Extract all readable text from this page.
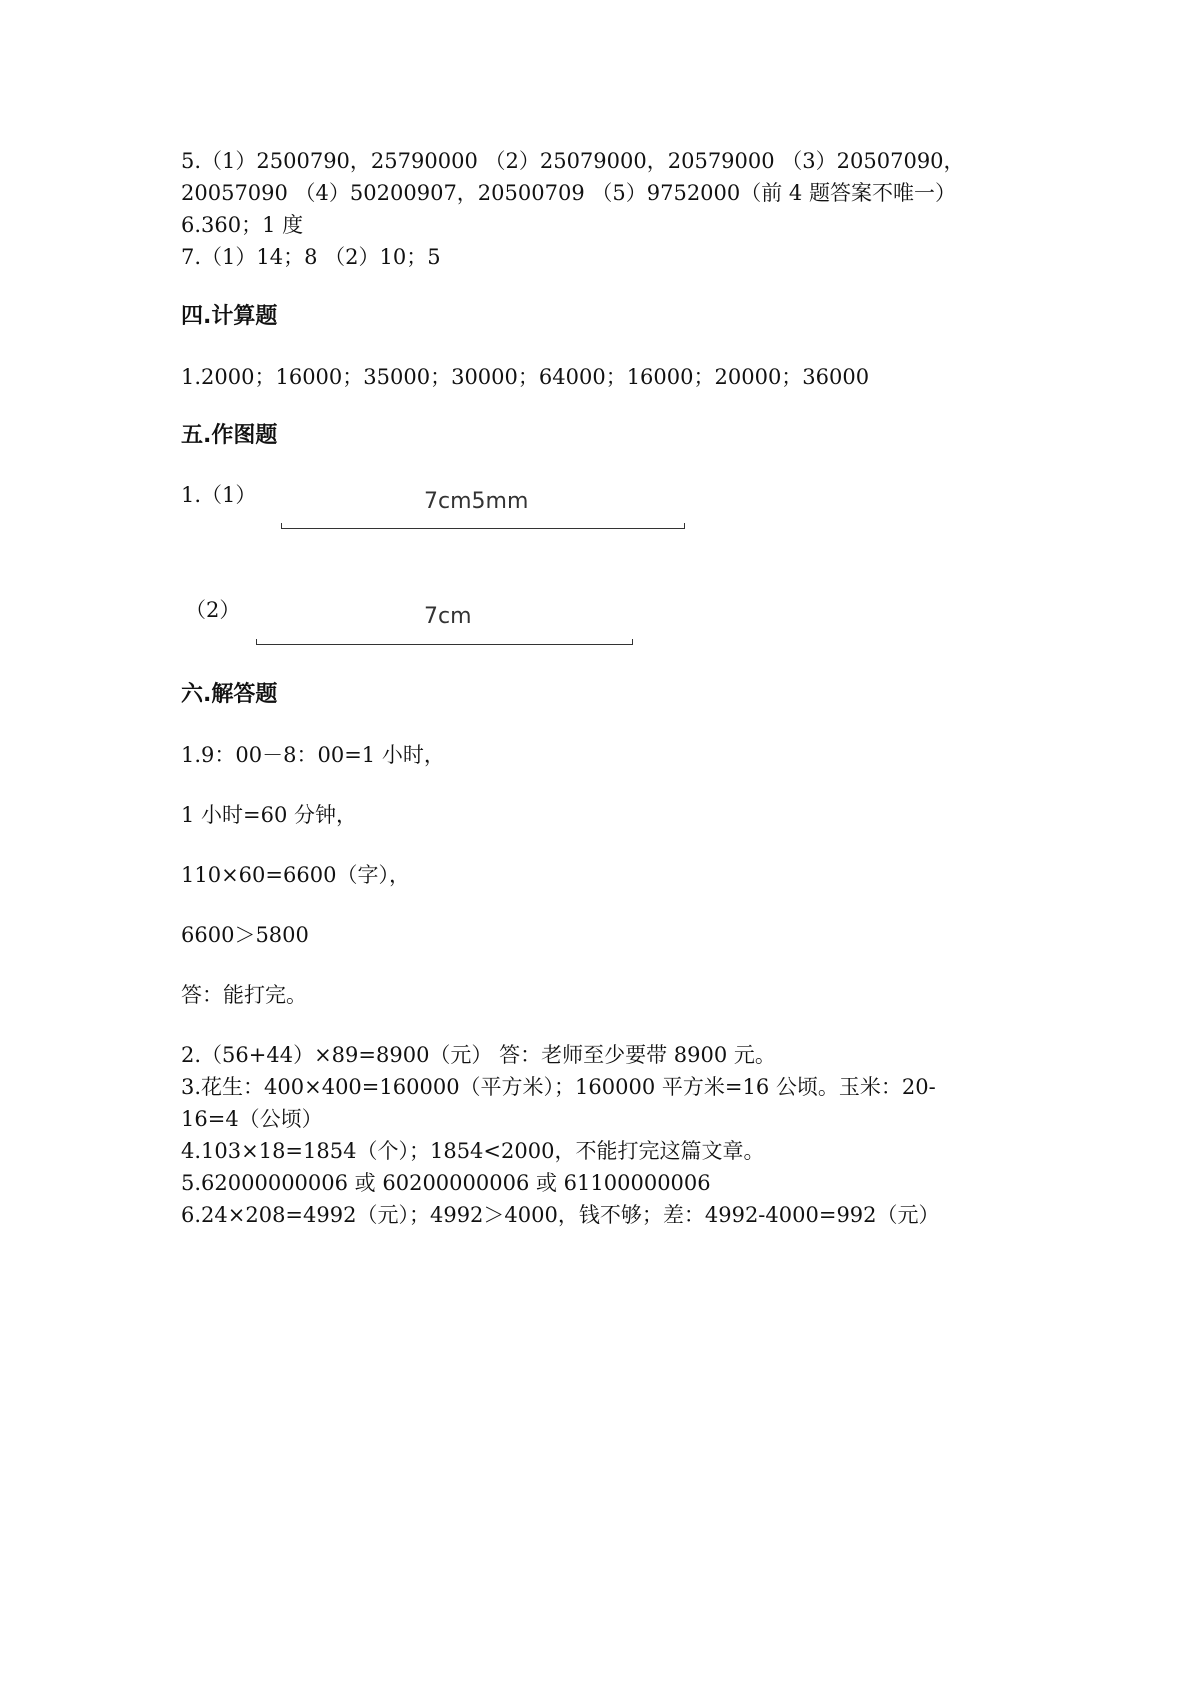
5.（1）2500790，25790000 （2）25079000，20579000 （3）20507090，
20057090 （4）50200907，20500709 （5）9752000（前 4 题答案不唯一）
6.360；1 度
7.（1）14；8 （2）10；5
四.计算题
1.2000；16000；35000；30000；64000；16000；20000；36000
五.作图题
1.（1）	7cm5mm
（2）	7cm
六.解答题
1.9：00－8：00=1 小时，
1 小时=60 分钟，
110×60=6600（字），
6600＞5800
答：能打完。
2.（56+44）×89=8900（元） 答：老师至少要带 8900 元。
3.花生：400×400=160000（平方米）；160000 平方米=16 公顷。玉米：20-
16=4（公顷）
4.103×18=1854（个）；1854<2000，不能打完这篇文章。
5.62000000006 或 60200000006 或 61100000006
6.24×208=4992（元）；4992＞4000，钱不够；差：4992-4000=992（元）
